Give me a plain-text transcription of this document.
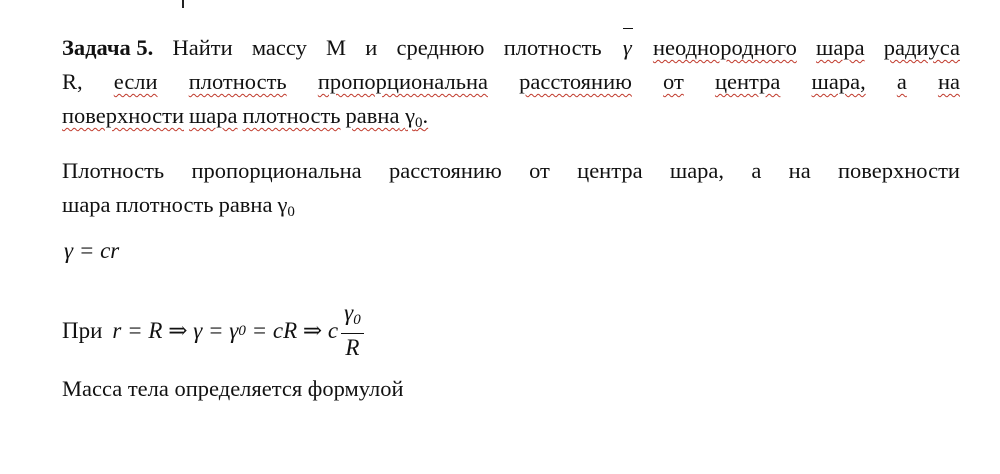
Задача 5. Найти массу М и среднюю плотность γ неоднородного шара радиуса
R, если плотность пропорциональна расстоянию от центра шара, а на
поверхности шара плотность равна $\gamma_0$.
Плотность пропорциональна расстоянию от центра шара, а на поверхности
шара плотность равна $\gamma_0$
γ = cr
При r = R ⇒ γ = γ 0 = cR ⇒ c $\frac{\gamma_0}{R}$
Масса тела определяется формулой
